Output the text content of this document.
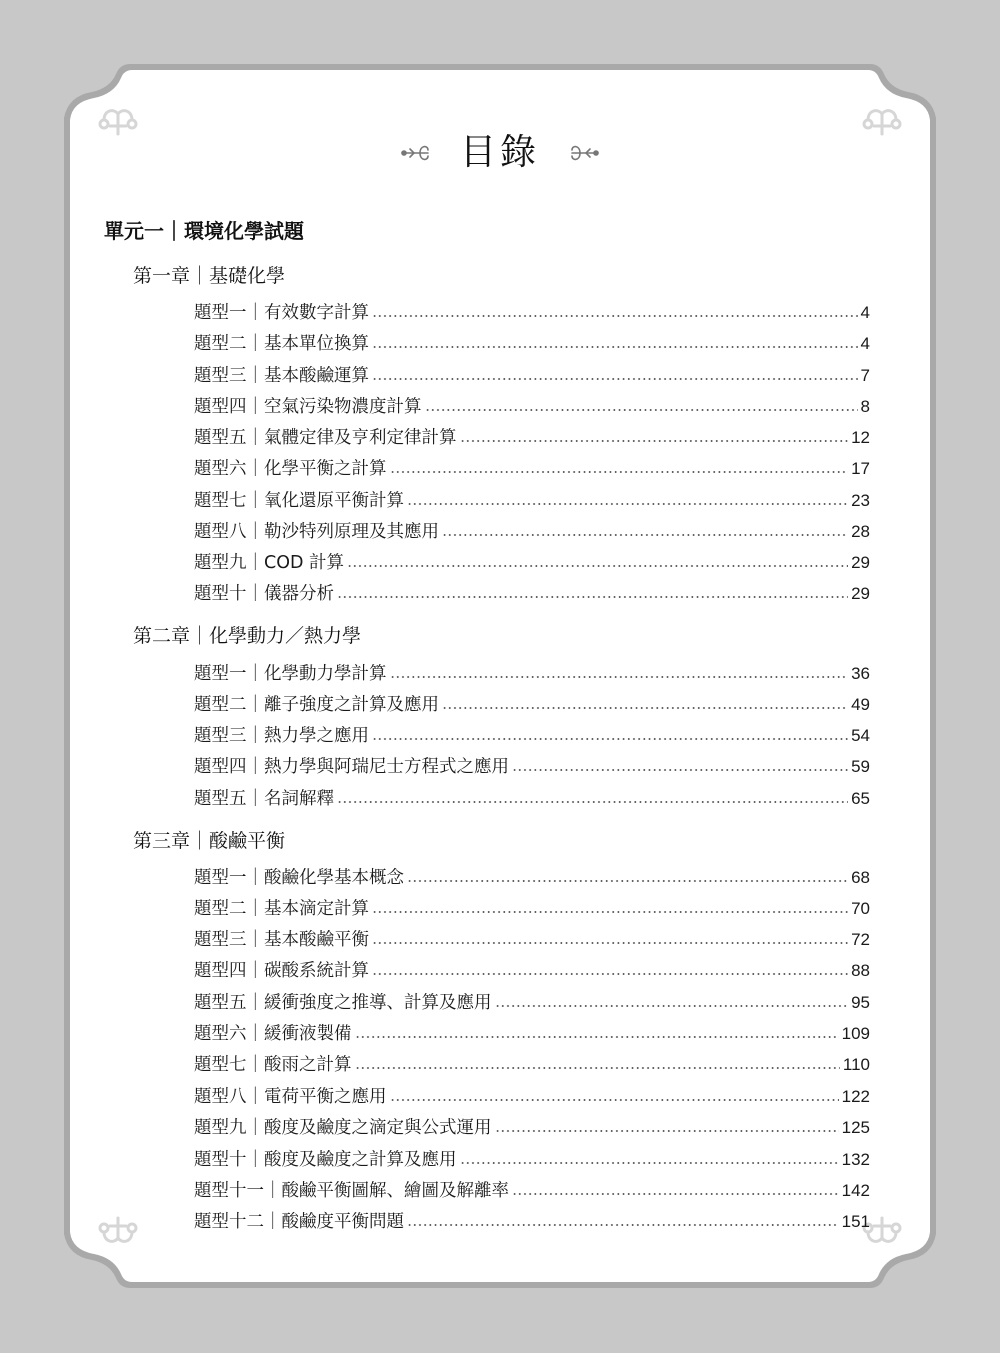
目錄
單元一｜環境化學試題
第一章｜基礎化學
題型一｜有效數字計算	4
題型二｜基本單位換算	4
題型三｜基本酸鹼運算	7
題型四｜空氣污染物濃度計算	8
題型五｜氣體定律及亨利定律計算	12
題型六｜化學平衡之計算	17
題型七｜氧化還原平衡計算	23
題型八｜勒沙特列原理及其應用	28
題型九｜COD 計算	29
題型十｜儀器分析	29
第二章｜化學動力／熱力學
題型一｜化學動力學計算	36
題型二｜離子強度之計算及應用	49
題型三｜熱力學之應用	54
題型四｜熱力學與阿瑞尼士方程式之應用	59
題型五｜名詞解釋	65
第三章｜酸鹼平衡
題型一｜酸鹼化學基本概念	68
題型二｜基本滴定計算	70
題型三｜基本酸鹼平衡	72
題型四｜碳酸系統計算	88
題型五｜緩衝強度之推導、計算及應用	95
題型六｜緩衝液製備	109
題型七｜酸雨之計算	110
題型八｜電荷平衡之應用	122
題型九｜酸度及鹼度之滴定與公式運用	125
題型十｜酸度及鹼度之計算及應用	132
題型十一｜酸鹼平衡圖解、繪圖及解離率	142
題型十二｜酸鹼度平衡問題	151
